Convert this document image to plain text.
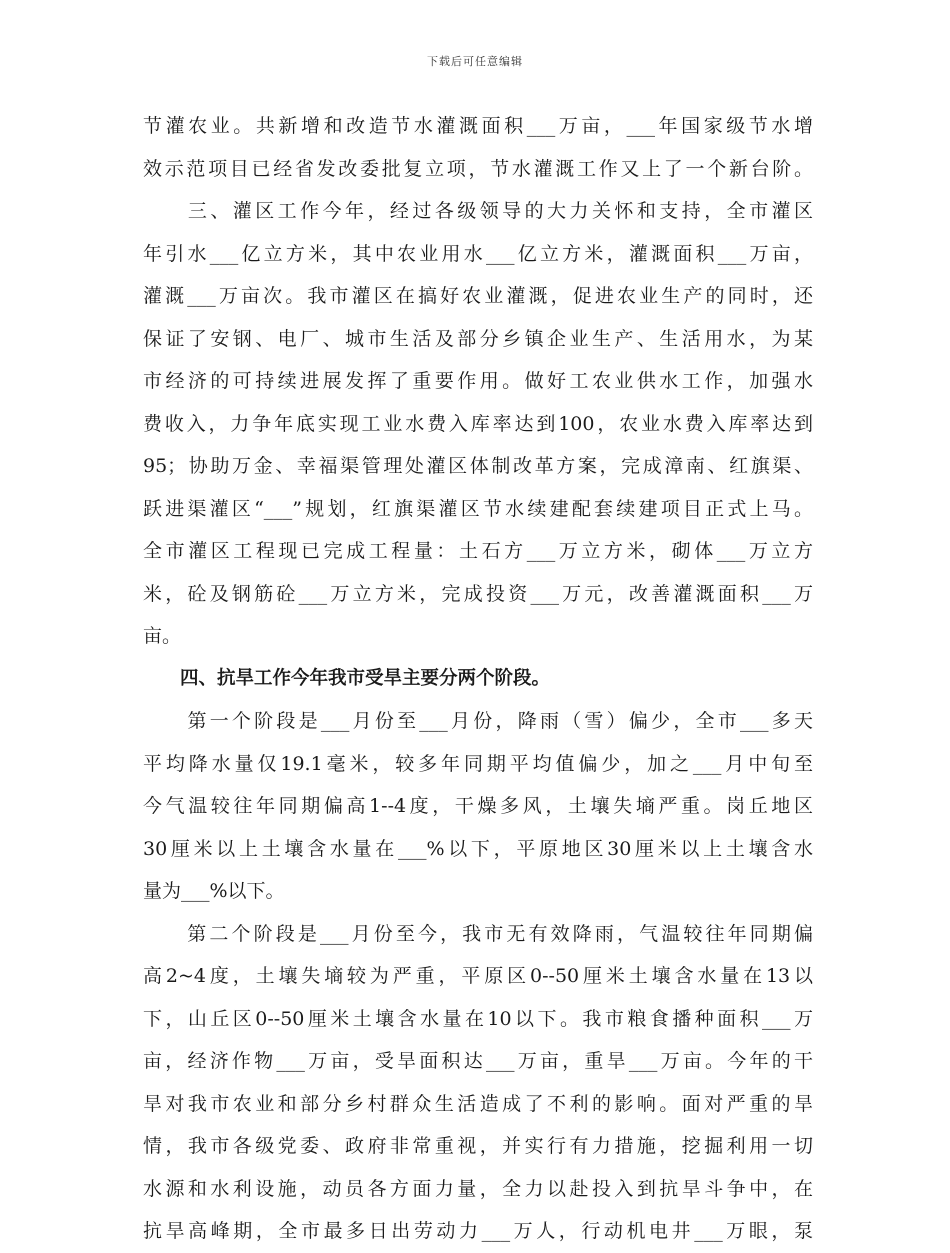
下载后可任意编辑
节灌农业。共新增和改造节水灌溉面积___万亩，___年国家级节水增
效示范项目已经省发改委批复立项，节水灌溉工作又上了一个新台阶。
　　三、灌区工作今年，经过各级领导的大力关怀和支持，全市灌区
年引水___亿立方米，其中农业用水___亿立方米，灌溉面积___万亩，
灌溉___万亩次。我市灌区在搞好农业灌溉，促进农业生产的同时，还
保证了安钢、电厂、城市生活及部分乡镇企业生产、生活用水，为某
市经济的可持续进展发挥了重要作用。做好工农业供水工作，加强水
费收入，力争年底实现工业水费入库率达到100，农业水费入库率达到
95；协助万金、幸福渠管理处灌区体制改革方案，完成漳南、红旗渠、
跃进渠灌区“___”规划，红旗渠灌区节水续建配套续建项目正式上马。
全市灌区工程现已完成工程量：土石方___万立方米，砌体___万立方
米，砼及钢筋砼___万立方米，完成投资___万元，改善灌溉面积___万
亩。
　　四、抗旱工作今年我市受旱主要分两个阶段。
　　第一个阶段是___月份至___月份，降雨（雪）偏少，全市___多天
平均降水量仅19.1毫米，较多年同期平均值偏少，加之___月中旬至
今气温较往年同期偏高1--4度，干燥多风，土壤失墒严重。岗丘地区
30厘米以上土壤含水量在___%以下，平原地区30厘米以上土壤含水
量为___%以下。
　　第二个阶段是___月份至今，我市无有效降雨，气温较往年同期偏
高2~4度，土壤失墒较为严重，平原区0--50厘米土壤含水量在13以
下，山丘区0--50厘米土壤含水量在10以下。我市粮食播种面积___万
亩，经济作物___万亩，受旱面积达___万亩，重旱___万亩。今年的干
旱对我市农业和部分乡村群众生活造成了不利的影响。面对严重的旱
情，我市各级党委、政府非常重视，并实行有力措施，挖掘利用一切
水源和水利设施，动员各方面力量，全力以赴投入到抗旱斗争中，在
抗旱高峰期，全市最多日出劳动力___万人，行动机电井___万眼，泵
